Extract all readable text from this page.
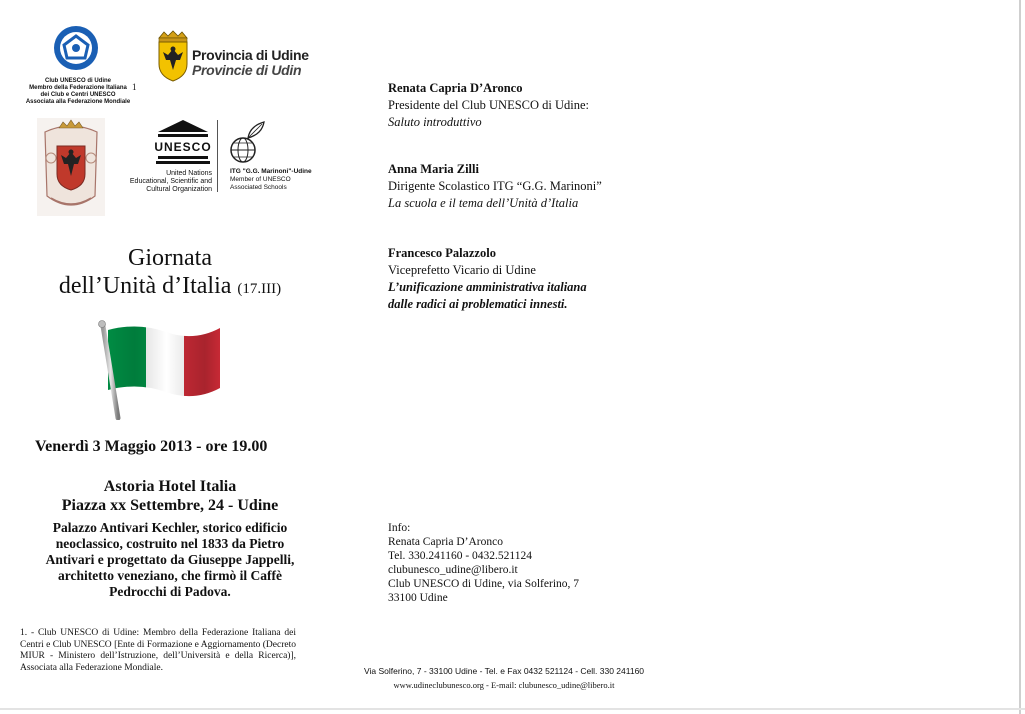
Club UNESCO di Udine
Membro della Federazione Italiana
dei Club e Centri UNESCO
Associata alla Federazione Mondiale
1
Provincia di Udine
Provincie di Udin
UNESCO
United Nations
Educational, Scientific and
Cultural Organization
ITG "G.G. Marinoni"-Udine
Member of UNESCO
Associated Schools
Giornata
dell’Unità d’Italia (17.III)
Venerdì 3 Maggio 2013 - ore 19.00
Astoria Hotel Italia
Piazza xx Settembre, 24 - Udine
Palazzo Antivari Kechler, storico edificio
neoclassico, costruito nel 1833 da Pietro
Antivari e progettato da Giuseppe Jappelli,
architetto veneziano, che firmò il Caffè
Pedrocchi di Padova.
1. - Club UNESCO di Udine: Membro della Federazione Italiana dei Centri e Club UNESCO [Ente di Formazione e Aggiornamento (Decreto MIUR - Ministero dell’Istruzione, dell’Università e della Ricerca)], Associata alla Federazione Mondiale.
Renata Capria D’Aronco
Presidente del Club UNESCO di Udine:
Saluto introduttivo
Anna Maria Zilli
Dirigente Scolastico ITG “G.G. Marinoni”
La scuola e il tema dell’Unità d’Italia
Francesco Palazzolo
Viceprefetto Vicario di Udine
L’unificazione amministrativa italiana
dalle radici ai problematici innesti.
Info:
Renata Capria D’Aronco
Tel. 330.241160 - 0432.521124
clubunesco_udine@libero.it
Club UNESCO di Udine, via Solferino, 7
33100 Udine
Via Solferino, 7 - 33100 Udine - Tel. e Fax 0432 521124 - Cell. 330 241160
www.udineclubunesco.org - E-mail: clubunesco_udine@libero.it
